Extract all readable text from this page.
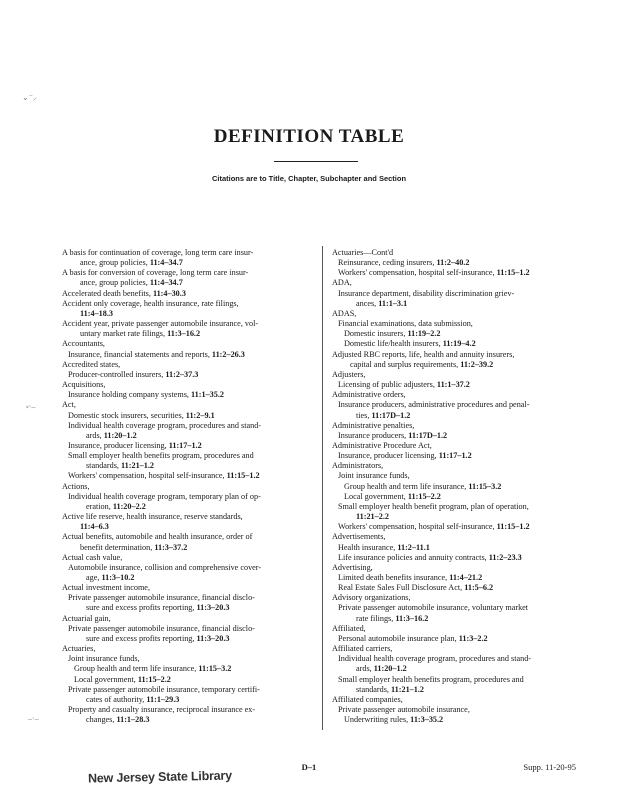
DEFINITION TABLE
Citations are to Title, Chapter, Subchapter and Section
⌄⁻⸝
⸗·–
–·–
A basis for continuation of coverage, long term care insur-
ance, group policies, 11:4–34.7
A basis for conversion of coverage, long term care insur-
ance, group policies, 11:4–34.7
Accelerated death benefits, 11:4–30.3
Accident only coverage, health insurance, rate filings,
11:4–18.3
Accident year, private passenger automobile insurance, vol-
untary market rate filings, 11:3–16.2
Accountants,
Insurance, financial statements and reports, 11:2–26.3
Accredited states,
Producer-controlled insurers, 11:2–37.3
Acquisitions,
Insurance holding company systems, 11:1–35.2
Act,
Domestic stock insurers, securities, 11:2–9.1
Individual health coverage program, procedures and stand-
ards, 11:20–1.2
Insurance, producer licensing, 11:17–1.2
Small employer health benefits program, procedures and
standards, 11:21–1.2
Workers' compensation, hospital self-insurance, 11:15–1.2
Actions,
Individual health coverage program, temporary plan of op-
eration, 11:20–2.2
Active life reserve, health insurance, reserve standards,
11:4–6.3
Actual benefits, automobile and health insurance, order of
benefit determination, 11:3–37.2
Actual cash value,
Automobile insurance, collision and comprehensive cover-
age, 11:3–10.2
Actual investment income,
Private passenger automobile insurance, financial disclo-
sure and excess profits reporting, 11:3–20.3
Actuarial gain,
Private passenger automobile insurance, financial disclo-
sure and excess profits reporting, 11:3–20.3
Actuaries,
Joint insurance funds,
Group health and term life insurance, 11:15–3.2
Local government, 11:15–2.2
Private passenger automobile insurance, temporary certifi-
cates of authority, 11:1–29.3
Property and casualty insurance, reciprocal insurance ex-
changes, 11:1–28.3
Actuaries—Cont'd
Reinsurance, ceding insurers, 11:2–40.2
Workers' compensation, hospital self-insurance, 11:15–1.2
ADA,
Insurance department, disability discrimination griev-
ances, 11:1–3.1
ADAS,
Financial examinations, data submission,
Domestic insurers, 11:19–2.2
Domestic life/health insurers, 11:19–4.2
Adjusted RBC reports, life, health and annuity insurers,
capital and surplus requirements, 11:2–39.2
Adjusters,
Licensing of public adjusters, 11:1–37.2
Administrative orders,
Insurance producers, administrative procedures and penal-
ties, 11:17D–1.2
Administrative penalties,
Insurance producers, 11:17D–1.2
Administrative Procedure Act,
Insurance, producer licensing, 11:17–1.2
Administrators,
Joint insurance funds,
Group health and term life insurance, 11:15–3.2
Local government, 11:15–2.2
Small employer health benefit program, plan of operation,
11:21–2.2
Workers' compensation, hospital self-insurance, 11:15–1.2
Advertisements,
Health insurance, 11:2–11.1
Life insurance policies and annuity contracts, 11:2–23.3
Advertising,
Limited death benefits insurance, 11:4–21.2
Real Estate Sales Full Disclosure Act, 11:5–6.2
Advisory organizations,
Private passenger automobile insurance, voluntary market
rate filings, 11:3–16.2
Affiliated,
Personal automobile insurance plan, 11:3–2.2
Affiliated carriers,
Individual health coverage program, procedures and stand-
ards, 11:20–1.2
Small employer health benefits program, procedures and
standards, 11:21–1.2
Affiliated companies,
Private passenger automobile insurance,
Underwriting rules, 11:3–35.2
D–1	Supp. 11-20-95
New Jersey State Library
